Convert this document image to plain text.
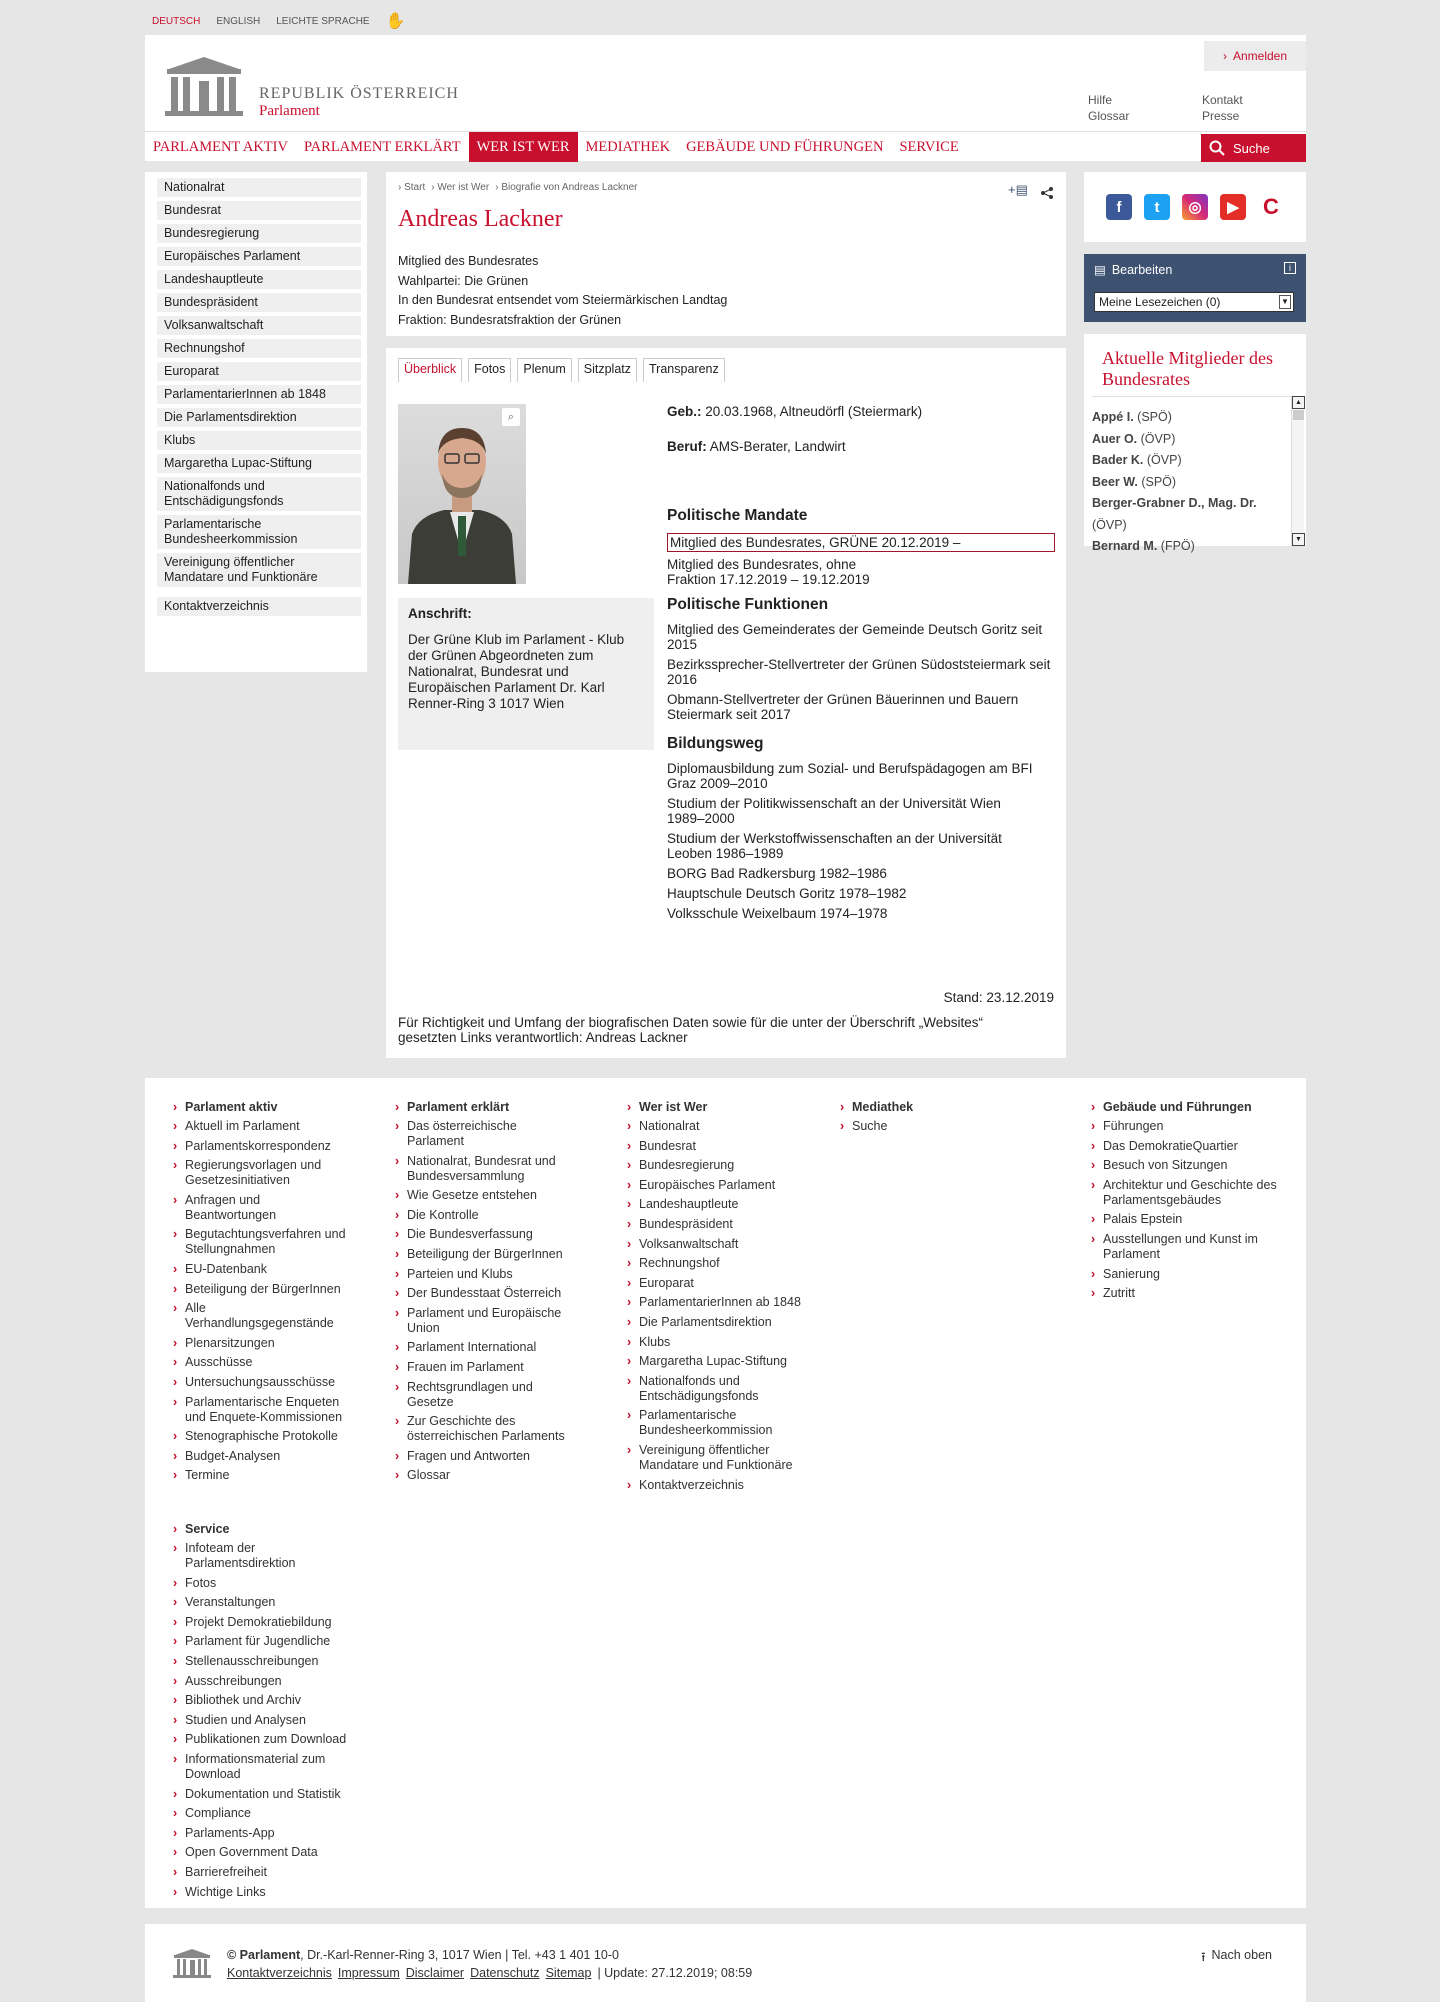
DEUTSCH ENGLISH LEICHTE SPRACHE ✋
REPUBLIK ÖSTERREICH
Parlament
› Anmelden
Hilfe
Glossar
Kontakt
Presse
PARLAMENT AKTIV	PARLAMENT ERKLÄRT	WER IST WER	MEDIATHEK	GEBÄUDE UND FÜHRUNGEN	SERVICE	Suche
Nationalrat
Bundesrat
Bundesregierung
Europäisches Parlament
Landeshauptleute
Bundespräsident
Volksanwaltschaft
Rechnungshof
Europarat
ParlamentarierInnen ab 1848
Die Parlamentsdirektion
Klubs
Margaretha Lupac-Stiftung
Nationalfonds und Entschädigungsfonds
Parlamentarische Bundesheerkommission
Vereinigung öffentlicher Mandatare und Funktionäre
Kontaktverzeichnis
› Start › Wer ist Wer › Biografie von Andreas Lackner	+▤
Andreas Lackner
Mitglied des Bundesrates
Wahlpartei: Die Grünen
In den Bundesrat entsendet vom Steiermärkischen Landtag
Fraktion: Bundesratsfraktion der Grünen
Überblick	Fotos	Plenum	Sitzplatz	Transparenz
⌕
Anschrift:
Der Grüne Klub im Parlament - Klub der Grünen Abgeordneten zum Nationalrat, Bundesrat und Europäischen Parlament Dr. Karl Renner-Ring 3 1017 Wien
Geb.: 20.03.1968, Altneudörfl (Steiermark)
Beruf: AMS-Berater, Landwirt
Politische Mandate
Mitglied des Bundesrates, GRÜNE 20.12.2019 –
Mitglied des Bundesrates, ohne Fraktion 17.12.2019 – 19.12.2019
Politische Funktionen
Mitglied des Gemeinderates der Gemeinde Deutsch Goritz seit 2015
Bezirkssprecher-Stellvertreter der Grünen Südoststeiermark seit 2016
Obmann-Stellvertreter der Grünen Bäuerinnen und Bauern Steiermark seit 2017
Bildungsweg
Diplomausbildung zum Sozial- und Berufspädagogen am BFI Graz 2009–2010
Studium der Politikwissenschaft an der Universität Wien 1989–2000
Studium der Werkstoffwissenschaften an der Universität Leoben 1986–1989
BORG Bad Radkersburg 1982–1986
Hauptschule Deutsch Goritz 1978–1982
Volksschule Weixelbaum 1974–1978
Stand: 23.12.2019
Für Richtigkeit und Umfang der biografischen Daten sowie für die unter der Überschrift „Websites“ gesetzten Links verantwortlich: Andreas Lackner
f	t	◎	▶	C
▤ Bearbeiten	i
Meine Lesezeichen (0)	▼
Aktuelle Mitglieder des Bundesrates
Appé I. (SPÖ)
Auer O. (ÖVP)
Bader K. (ÖVP)
Beer W. (SPÖ)
Berger-Grabner D., Mag. Dr. (ÖVP)
Bernard M. (FPÖ)
▲
▼
› Parlament aktiv
› Aktuell im Parlament
› Parlamentskorrespondenz
› Regierungsvorlagen und Gesetzesinitiativen
› Anfragen und Beantwortungen
› Begutachtungsverfahren und Stellungnahmen
› EU-Datenbank
› Beteiligung der BürgerInnen
› Alle Verhandlungsgegenstände
› Plenarsitzungen
› Ausschüsse
› Untersuchungsausschüsse
› Parlamentarische Enqueten und Enquete-Kommissionen
› Stenographische Protokolle
› Budget-Analysen
› Termine
› Parlament erklärt
› Das österreichische Parlament
› Nationalrat, Bundesrat und Bundesversammlung
› Wie Gesetze entstehen
› Die Kontrolle
› Die Bundesverfassung
› Beteiligung der BürgerInnen
› Parteien und Klubs
› Der Bundesstaat Österreich
› Parlament und Europäische Union
› Parlament International
› Frauen im Parlament
› Rechtsgrundlagen und Gesetze
› Zur Geschichte des österreichischen Parlaments
› Fragen und Antworten
› Glossar
› Wer ist Wer
› Nationalrat
› Bundesrat
› Bundesregierung
› Europäisches Parlament
› Landeshauptleute
› Bundespräsident
› Volksanwaltschaft
› Rechnungshof
› Europarat
› ParlamentarierInnen ab 1848
› Die Parlamentsdirektion
› Klubs
› Margaretha Lupac-Stiftung
› Nationalfonds und Entschädigungsfonds
› Parlamentarische Bundesheerkommission
› Vereinigung öffentlicher Mandatare und Funktionäre
› Kontaktverzeichnis
› Mediathek
› Suche
› Gebäude und Führungen
› Führungen
› Das DemokratieQuartier
› Besuch von Sitzungen
› Architektur und Geschichte des Parlamentsgebäudes
› Palais Epstein
› Ausstellungen und Kunst im Parlament
› Sanierung
› Zutritt
› Service
› Infoteam der Parlamentsdirektion
› Fotos
› Veranstaltungen
› Projekt Demokratiebildung
› Parlament für Jugendliche
› Stellenausschreibungen
› Ausschreibungen
› Bibliothek und Archiv
› Studien und Analysen
› Publikationen zum Download
› Informationsmaterial zum Download
› Dokumentation und Statistik
› Compliance
› Parlaments-App
› Open Government Data
› Barrierefreiheit
› Wichtige Links
© Parlament, Dr.-Karl-Renner-Ring 3, 1017 Wien | Tel. +43 1 401 10-0
Kontaktverzeichnis Impressum Disclaimer Datenschutz Sitemap | Update: 27.12.2019; 08:59
⭱ Nach oben
